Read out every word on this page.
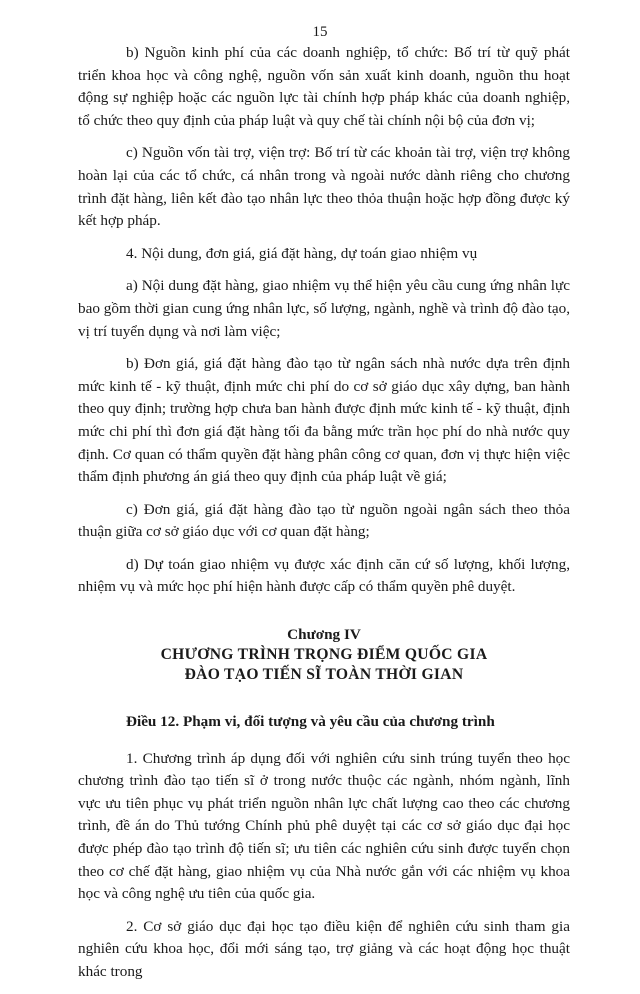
15

b) Nguồn kinh phí của các doanh nghiệp, tổ chức: Bố trí từ quỹ phát triển khoa học và công nghệ, nguồn vốn sản xuất kinh doanh, nguồn thu hoạt động sự nghiệp hoặc các nguồn lực tài chính hợp pháp khác của doanh nghiệp, tổ chức theo quy định của pháp luật và quy chế tài chính nội bộ của đơn vị;

c) Nguồn vốn tài trợ, viện trợ: Bố trí từ các khoản tài trợ, viện trợ không hoàn lại của các tổ chức, cá nhân trong và ngoài nước dành riêng cho chương trình đặt hàng, liên kết đào tạo nhân lực theo thỏa thuận hoặc hợp đồng được ký kết hợp pháp.

4. Nội dung, đơn giá, giá đặt hàng, dự toán giao nhiệm vụ

a) Nội dung đặt hàng, giao nhiệm vụ thể hiện yêu cầu cung ứng nhân lực bao gồm thời gian cung ứng nhân lực, số lượng, ngành, nghề và trình độ đào tạo, vị trí tuyển dụng và nơi làm việc;

b) Đơn giá, giá đặt hàng đào tạo từ ngân sách nhà nước dựa trên định mức kinh tế - kỹ thuật, định mức chi phí do cơ sở giáo dục xây dựng, ban hành theo quy định; trường hợp chưa ban hành được định mức kinh tế - kỹ thuật, định mức chi phí thì đơn giá đặt hàng tối đa bằng mức trần học phí do nhà nước quy định. Cơ quan có thẩm quyền đặt hàng phân công cơ quan, đơn vị thực hiện việc thẩm định phương án giá theo quy định của pháp luật về giá;

c) Đơn giá, giá đặt hàng đào tạo từ nguồn ngoài ngân sách theo thỏa thuận giữa cơ sở giáo dục với cơ quan đặt hàng;

d) Dự toán giao nhiệm vụ được xác định căn cứ số lượng, khối lượng, nhiệm vụ và mức học phí hiện hành được cấp có thẩm quyền phê duyệt.

Chương IV
CHƯƠNG TRÌNH TRỌNG ĐIỂM QUỐC GIA
ĐÀO TẠO TIẾN SĨ TOÀN THỜI GIAN

Điều 12. Phạm vi, đối tượng và yêu cầu của chương trình

1. Chương trình áp dụng đối với nghiên cứu sinh trúng tuyển theo học chương trình đào tạo tiến sĩ ở trong nước thuộc các ngành, nhóm ngành, lĩnh vực ưu tiên phục vụ phát triển nguồn nhân lực chất lượng cao theo các chương trình, đề án do Thủ tướng Chính phủ phê duyệt tại các cơ sở giáo dục đại học được phép đào tạo trình độ tiến sĩ; ưu tiên các nghiên cứu sinh được tuyển chọn theo cơ chế đặt hàng, giao nhiệm vụ của Nhà nước gắn với các nhiệm vụ khoa học và công nghệ ưu tiên của quốc gia.

2. Cơ sở giáo dục đại học tạo điều kiện để nghiên cứu sinh tham gia nghiên cứu khoa học, đổi mới sáng tạo, trợ giảng và các hoạt động học thuật khác trong
